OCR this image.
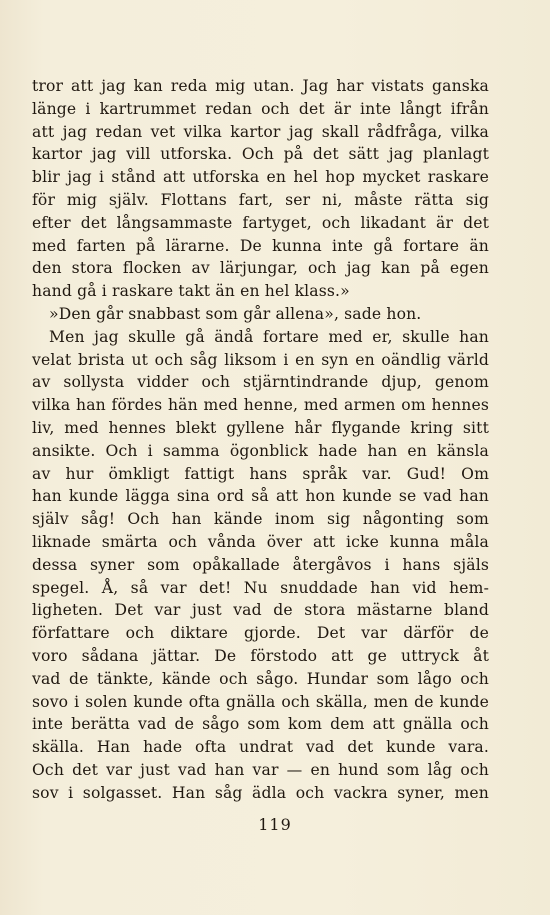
tror att jag kan reda mig utan. Jag har vistats ganska
länge i kartrummet redan och det är inte långt ifrån
att jag redan vet vilka kartor jag skall rådfråga, vilka
kartor jag vill utforska. Och på det sätt jag planlagt
blir jag i stånd att utforska en hel hop mycket raskare
för mig själv. Flottans fart, ser ni, måste rätta sig
efter det långsammaste fartyget, och likadant är det
med farten på lärarne. De kunna inte gå fortare än
den stora flocken av lärjungar, och jag kan på egen
hand gå i raskare takt än en hel klass.»
»Den går snabbast som går allena», sade hon.
Men jag skulle gå ändå fortare med er, skulle han
velat brista ut och såg liksom i en syn en oändlig värld
av sollysta vidder och stjärntindrande djup, genom
vilka han fördes hän med henne, med armen om hennes
liv, med hennes blekt gyllene hår flygande kring sitt
ansikte. Och i samma ögonblick hade han en känsla
av hur ömkligt fattigt hans språk var. Gud! Om
han kunde lägga sina ord så att hon kunde se vad han
själv såg! Och han kände inom sig någonting som
liknade smärta och vånda över att icke kunna måla
dessa syner som opåkallade återgåvos i hans själs
spegel. Å, så var det! Nu snuddade han vid hem-
ligheten. Det var just vad de stora mästarne bland
författare och diktare gjorde. Det var därför de
voro sådana jättar. De förstodo att ge uttryck åt
vad de tänkte, kände och sågo. Hundar som lågo och
sovo i solen kunde ofta gnälla och skälla, men de kunde
inte berätta vad de sågo som kom dem att gnälla och
skälla. Han hade ofta undrat vad det kunde vara.
Och det var just vad han var — en hund som låg och
sov i solgasset. Han såg ädla och vackra syner, men
119
